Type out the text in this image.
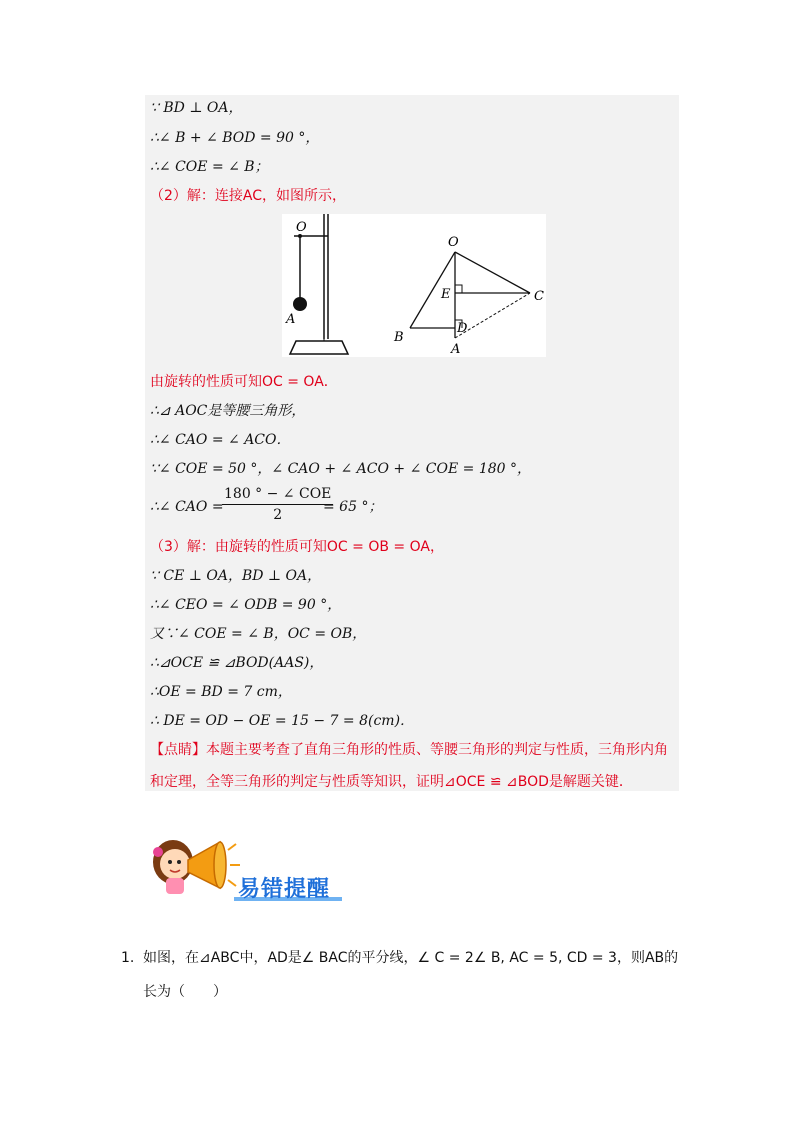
∵ BD ⊥ OA，
∴∠ B + ∠ BOD = 90 °，
∴∠ COE = ∠ B；
（2）解：连接AC，如图所示，
O
A
O
E	C
D
B
A
由旋转的性质可知OC = OA．
∴⊿ AOC是等腰三角形，
∴∠ CAO = ∠ ACO．
∵∠ COE = 50 °，∠ CAO + ∠ ACO + ∠ COE = 180 °，
∴∠ CAO =
180 ° − ∠ COE
2	= 65 °；
（3）解：由旋转的性质可知OC = OB = OA，
∵ CE ⊥ OA，BD ⊥ OA，
∴∠ CEO = ∠ ODB = 90 °，
又∵∠ COE = ∠ B，OC = OB，
∴⊿OCE ≌ ⊿BOD(AAS)，
∴OE = BD = 7 cm，
∴ DE = OD − OE = 15 − 7 = 8(cm)．
【点睛】本题主要考查了直角三角形的性质、等腰三角形的判定与性质，三角形内角
和定理，全等三角形的判定与性质等知识，证明⊿OCE ≌ ⊿BOD是解题关键．
易错提醒
1. 如图，在⊿ABC中，AD是∠ BAC的平分线，∠ C = 2∠ B, AC = 5, CD = 3，则AB的
长为（　　）
